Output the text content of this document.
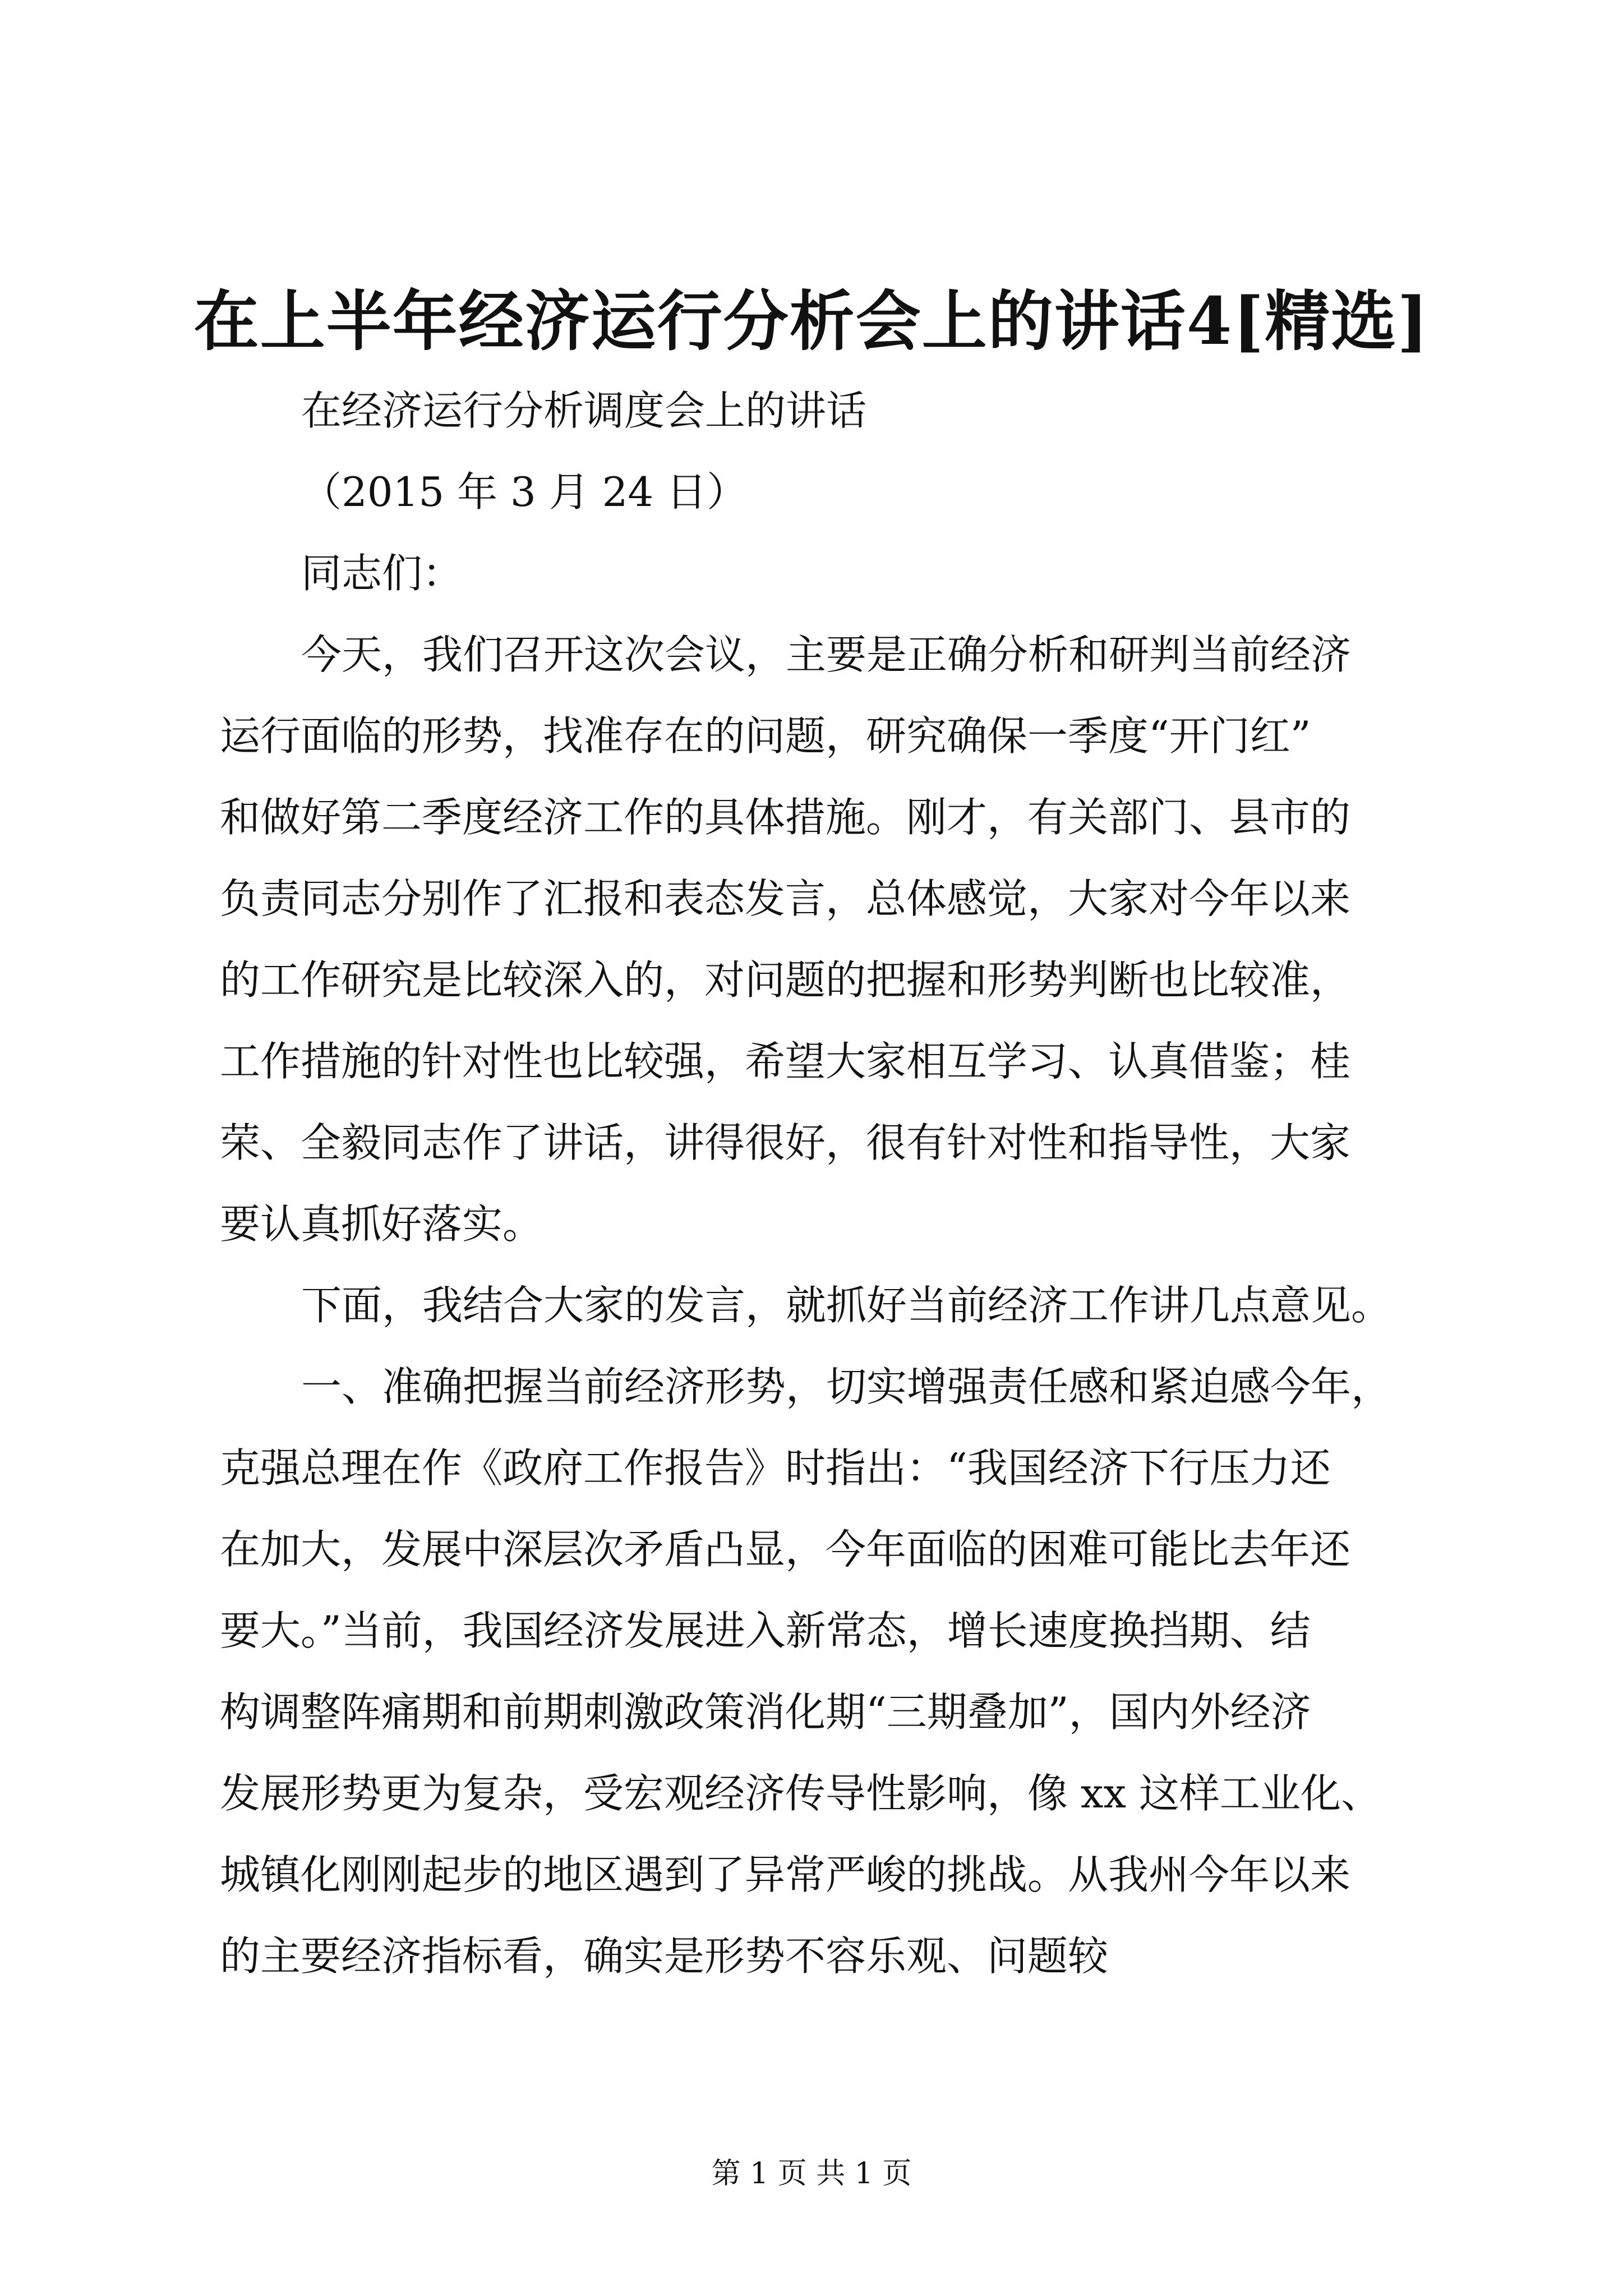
在上半年经济运行分析会上的讲话4[精选]
在经济运行分析调度会上的讲话
（2015 年 3 月 24 日）
同志们：
今天，我们召开这次会议，主要是正确分析和研判当前经济
运行面临的形势，找准存在的问题，研究确保一季度“开门红”
和做好第二季度经济工作的具体措施。刚才，有关部门、县市的
负责同志分别作了汇报和表态发言，总体感觉，大家对今年以来
的工作研究是比较深入的，对问题的把握和形势判断也比较准，
工作措施的针对性也比较强，希望大家相互学习、认真借鉴；桂
荣、全毅同志作了讲话，讲得很好，很有针对性和指导性，大家
要认真抓好落实。
下面，我结合大家的发言，就抓好当前经济工作讲几点意见。
一、准确把握当前经济形势，切实增强责任感和紧迫感今年，
克强总理在作《政府工作报告》时指出：“我国经济下行压力还
在加大，发展中深层次矛盾凸显，今年面临的困难可能比去年还
要大。”当前，我国经济发展进入新常态，增长速度换挡期、结
构调整阵痛期和前期刺激政策消化期“三期叠加”，国内外经济
发展形势更为复杂，受宏观经济传导性影响，像 xx 这样工业化、
城镇化刚刚起步的地区遇到了异常严峻的挑战。从我州今年以来
的主要经济指标看，确实是形势不容乐观、问题较
第 1 页 共 1 页
